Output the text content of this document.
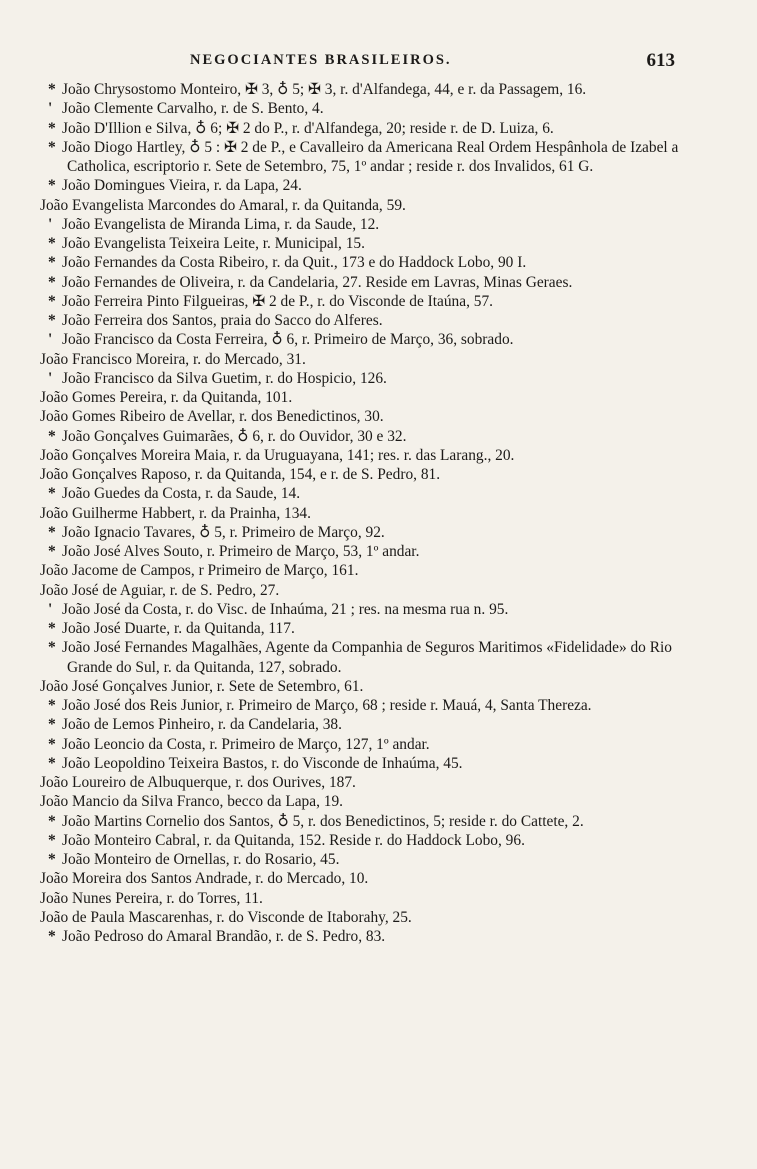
NEGOCIANTES BRASILEIROS.	613

* João Chrysostomo Monteiro, ✠ 3, ♁ 5; ✠ 3, r. d'Alfandega, 44, e r. da Passagem, 16.

' João Clemente Carvalho, r. de S. Bento, 4.

* João D'Illion e Silva, ♁ 6; ✠ 2 do P., r. d'Alfandega, 20; reside r. de D. Luiza, 6.

* João Diogo Hartley, ♁ 5 : ✠ 2 de P., e Cavalleiro da Americana Real Ordem Hespânhola de Izabel a Catholica, escriptorio r. Sete de Setembro, 75, 1º andar ; reside r. dos Invalidos, 61 G.

* João Domingues Vieira, r. da Lapa, 24.

João Evangelista Marcondes do Amaral, r. da Quitanda, 59.

' João Evangelista de Miranda Lima, r. da Saude, 12.

* João Evangelista Teixeira Leite, r. Municipal, 15.

* João Fernandes da Costa Ribeiro, r. da Quit., 173 e do Haddock Lobo, 90 I.

* João Fernandes de Oliveira, r. da Candelaria, 27. Reside em Lavras, Minas Geraes.

* João Ferreira Pinto Filgueiras, ✠ 2 de P., r. do Visconde de Itaúna, 57.

* João Ferreira dos Santos, praia do Sacco do Alferes.

' João Francisco da Costa Ferreira, ♁ 6, r. Primeiro de Março, 36, sobrado.

João Francisco Moreira, r. do Mercado, 31.

' João Francisco da Silva Guetim, r. do Hospicio, 126.

João Gomes Pereira, r. da Quitanda, 101.

João Gomes Ribeiro de Avellar, r. dos Benedictinos, 30.

* João Gonçalves Guimarães, ♁ 6, r. do Ouvidor, 30 e 32.

João Gonçalves Moreira Maia, r. da Uruguayana, 141; res. r. das Larang., 20.

João Gonçalves Raposo, r. da Quitanda, 154, e r. de S. Pedro, 81.

* João Guedes da Costa, r. da Saude, 14.

João Guilherme Habbert, r. da Prainha, 134.

* João Ignacio Tavares, ♁ 5, r. Primeiro de Março, 92.

* João José Alves Souto, r. Primeiro de Março, 53, 1º andar.

João Jacome de Campos, r Primeiro de Março, 161.

João José de Aguiar, r. de S. Pedro, 27.

' João José da Costa, r. do Visc. de Inhaúma, 21 ; res. na mesma rua n. 95.

* João José Duarte, r. da Quitanda, 117.

* João José Fernandes Magalhães, Agente da Companhia de Seguros Maritimos «Fidelidade» do Rio Grande do Sul, r. da Quitanda, 127, sobrado.

João José Gonçalves Junior, r. Sete de Setembro, 61.

* João José dos Reis Junior, r. Primeiro de Março, 68 ; reside r. Mauá, 4, Santa Thereza.

* João de Lemos Pinheiro, r. da Candelaria, 38.

* João Leoncio da Costa, r. Primeiro de Março, 127, 1º andar.

* João Leopoldino Teixeira Bastos, r. do Visconde de Inhaúma, 45.

João Loureiro de Albuquerque, r. dos Ourives, 187.

João Mancio da Silva Franco, becco da Lapa, 19.

* João Martins Cornelio dos Santos, ♁ 5, r. dos Benedictinos, 5; reside r. do Cattete, 2.

* João Monteiro Cabral, r. da Quitanda, 152. Reside r. do Haddock Lobo, 96.

* João Monteiro de Ornellas, r. do Rosario, 45.

João Moreira dos Santos Andrade, r. do Mercado, 10.

João Nunes Pereira, r. do Torres, 11.

João de Paula Mascarenhas, r. do Visconde de Itaborahy, 25.

* João Pedroso do Amaral Brandão, r. de S. Pedro, 83.
